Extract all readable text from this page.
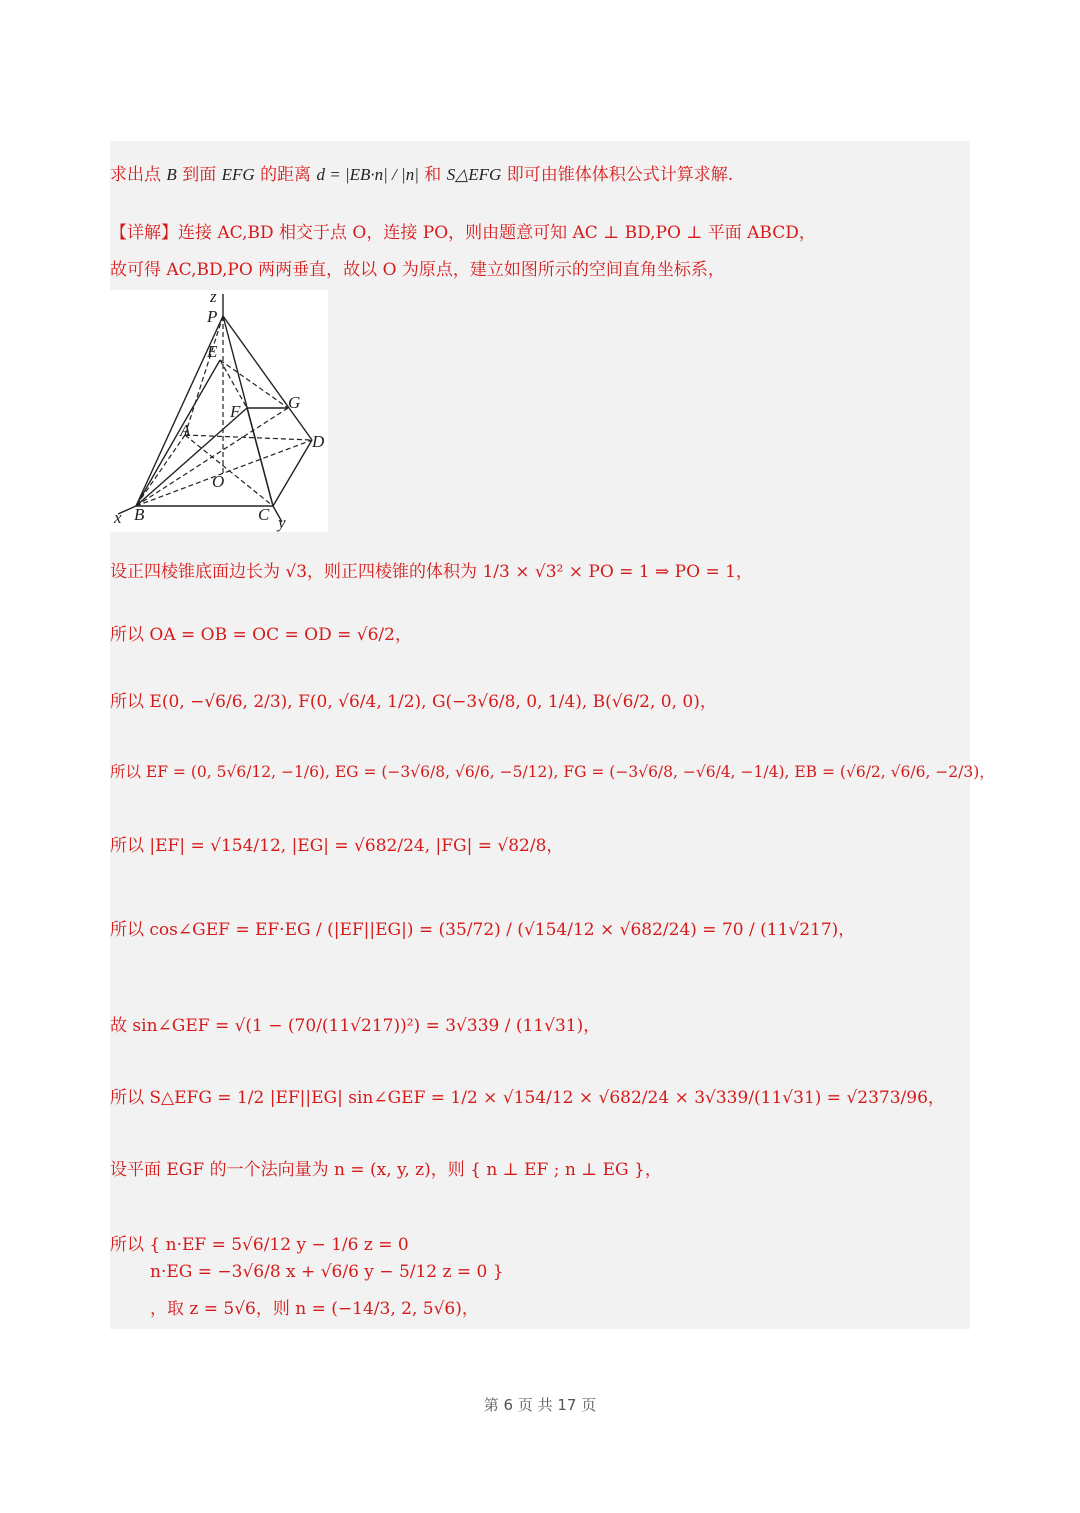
求出点 B 到面 EFG 的距离 d = |EB·n| / |n| 和 S△EFG 即可由锥体体积公式计算求解.
【详解】连接 AC,BD 相交于点 O，连接 PO，则由题意可知 AC ⊥ BD,PO ⊥ 平面 ABCD，
故可得 AC,BD,PO 两两垂直，故以 O 为原点，建立如图所示的空间直角坐标系，
z
P
E
F	G
A
D
O
x B	C y
设正四棱锥底面边长为 √3，则正四棱锥的体积为 1/3 × √3² × PO = 1 ⇒ PO = 1，
所以 OA = OB = OC = OD = √6/2，
所以 E(0, −√6/6, 2/3), F(0, √6/4, 1/2), G(−3√6/8, 0, 1/4), B(√6/2, 0, 0)，
所以 EF = (0, 5√6/12, −1/6), EG = (−3√6/8, √6/6, −5/12), FG = (−3√6/8, −√6/4, −1/4), EB = (√6/2, √6/6, −2/3)，
所以 |EF| = √154/12, |EG| = √682/24, |FG| = √82/8，
所以 cos∠GEF = EF·EG / (|EF||EG|) = (35/72) / (√154/12 × √682/24) = 70 / (11√217)，
故 sin∠GEF = √(1 − (70/(11√217))²) = 3√339 / (11√31)，
所以 S△EFG = 1/2 |EF||EG| sin∠GEF = 1/2 × √154/12 × √682/24 × 3√339/(11√31) = √2373/96，
设平面 EGF 的一个法向量为 n = (x, y, z)，则 { n ⊥ EF ; n ⊥ EG }，
所以 { n·EF = 5√6/12 y − 1/6 z = 0
n·EG = −3√6/8 x + √6/6 y − 5/12 z = 0 }
，取 z = 5√6，则 n = (−14/3, 2, 5√6)，
第 6 页 共 17 页
